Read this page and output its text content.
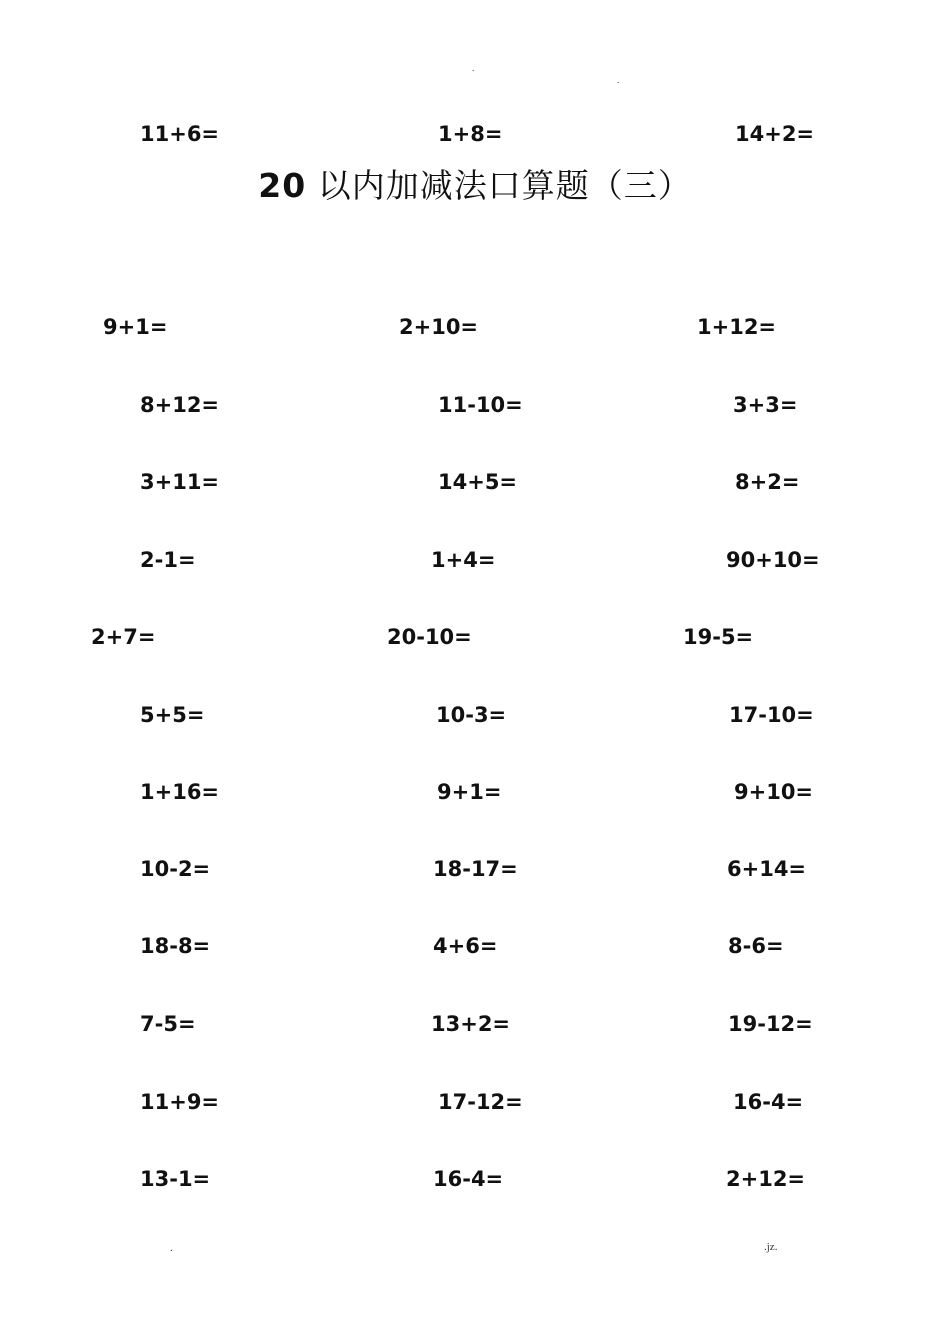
.
.
11+6=	1+8=	14+2=
20 以内加减法口算题（三）
9+1=	2+10=	1+12=
8+12=	11-10=	3+3=
3+11=	14+5=	8+2=
2-1=	1+4=	90+10=
2+7=	20-10=	19-5=
5+5=	10-3=	17-10=
1+16=	9+1=	9+10=
10-2=	18-17=	6+14=
18-8=	4+6=	8-6=
7-5=	13+2=	19-12=
11+9=	17-12=	16-4=
13-1=	16-4=	2+12=
.	.jz.
